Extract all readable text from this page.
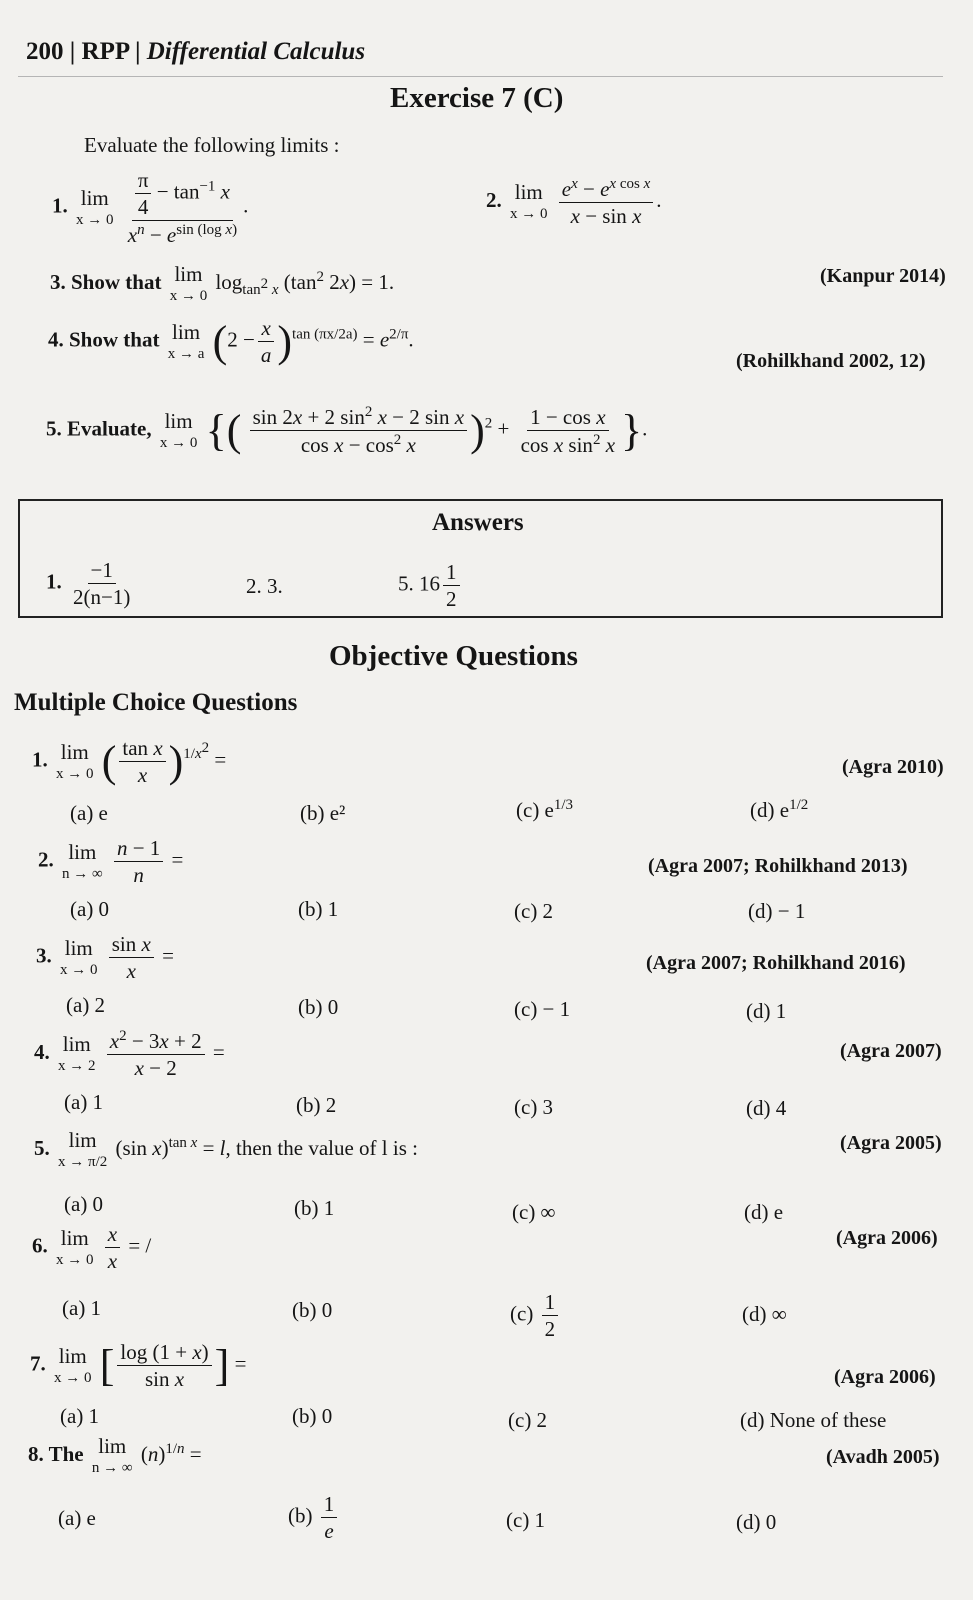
200 | RPP | Differential Calculus
Exercise 7 (C)
Evaluate the following limits :
1. lim
x → 0
$\frac{\frac{\pi}{4} - \tan^{-1} x}{x^n - e^{sin (log x)}}$ .	2. lim
x → 0
$\frac{e^x - e^{x cos x}}{\text{x − sin x}}$ .
3. Show that lim
x → 0
$\log_{tan^2 x} (\tan^2$ 2x) = 1.	(Kanpur 2014)
4. Show that lim
x → a $(2 - \frac{x}{a} )^{tan (\pi x/2a)} = e^{2/\pi}$.
(Rohilkhand 2002, 12)
5. Evaluate, lim
x → 0 {( $\frac{\sin 2x + 2 \sin^2 x - 2 \sin x}{\cos x - \cos^2 x} )^2 + \frac{\text{1 − cos x}}{\cos x \sin^2 x}$ }.
Answers
1. $\frac{-1}{2(n-1)}$	2. 3.	5. $16 \frac{1}{2}$
Objective Questions
Multiple Choice Questions
1. lim
x → 0 ( $\frac{\text{tan x}}{x} )^{1/x^2}$ =	(Agra 2010)
(a) e	(b) e²	(c) $e^{1/3}$	(d) $e^{1/2}$
2. lim
n → ∞
$\frac{n - 1}{n}$ =	(Agra 2007; Rohilkhand 2013)
(a) 0	(b) 1	(c) 2	(d) − 1
3. lim
x → 0
$\frac{\text{sin x}}{x}$ =	(Agra 2007; Rohilkhand 2016)
(a) 2	(b) 0	(c) − 1	(d) 1
4. lim
x → 2
$\frac{x^2 - 3x + 2}{x - 2}$ =	(Agra 2007)
(a) 1	(b) 2	(c) 3	(d) 4
5. lim
x → π/2
(sin x)$^{tan x}$ = l, then the value of l is :	(Agra 2005)
(a) 0	(b) 1	(c) ∞	(d) e
6. lim
x → 0
$\frac{x}{x}$ = /	(Agra 2006)
(a) 1	(b) 0	$(c) \frac{1}{2}$	(d) ∞
7. lim
x → 0 [ $\frac{\log (1 + x)}{\text{sin x}}$ ] =
(Agra 2006)
(a) 1	(b) 0	(c) 2	(d) None of these
8. The lim
n → ∞
$(n)^{1/n}$ =	(Avadh 2005)
(a) e	$(b) \frac{1}{e}$	(c) 1	(d) 0
